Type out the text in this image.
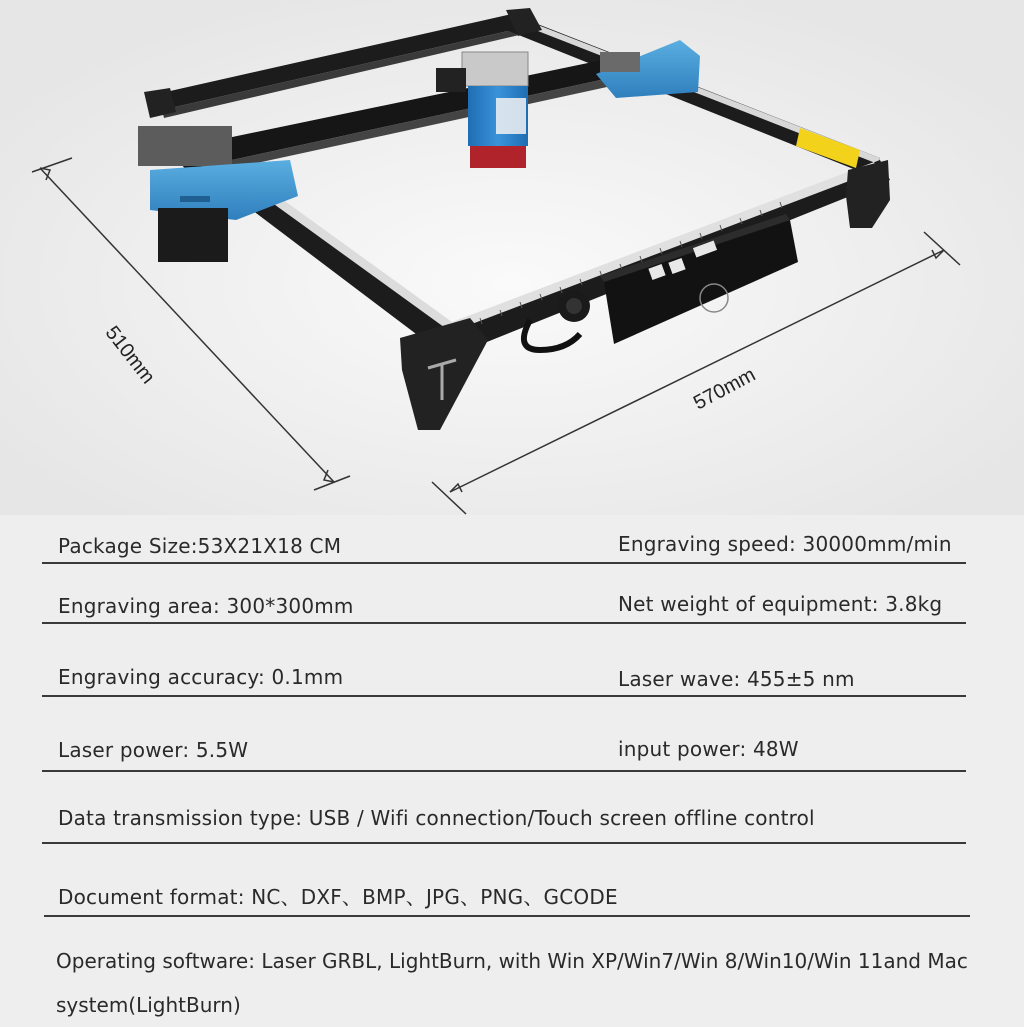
510mm
570mm
Package Size:53X21X18 CM	Engraving speed: 30000mm/min
Engraving area: 300*300mm	Net weight of equipment: 3.8kg
Engraving accuracy: 0.1mm	Laser wave: 455±5 nm
Laser power: 5.5W	input power: 48W
Data transmission type: USB / Wifi connection/Touch screen offline control
Document format: NC、DXF、BMP、JPG、PNG、GCODE
Operating software: Laser GRBL, LightBurn, with Win XP/Win7/Win 8/Win10/Win 11and Mac system(LightBurn)
